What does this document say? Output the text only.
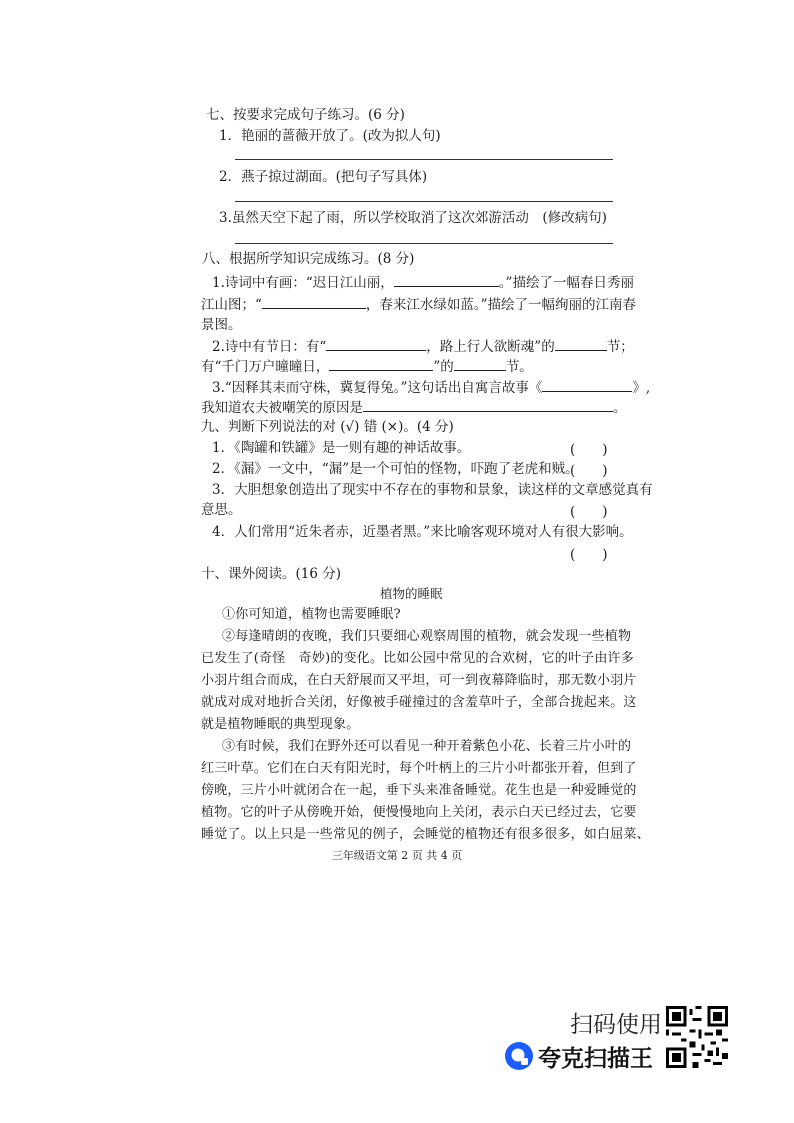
七、按要求完成句子练习。(6 分)
1．艳丽的蔷薇开放了。(改为拟人句)
2．燕子掠过湖面。(把句子写具体)
3.虽然天空下起了雨，所以学校取消了这次郊游活动　(修改病句)
八、根据所学知识完成练习。(8 分)
1.诗词中有画：“迟日江山丽，	。”描绘了一幅春日秀丽
江山图；“	，春来江水绿如蓝。”描绘了一幅绚丽的江南春
景图。
2.诗中有节日：有“	，路上行人欲断魂”的	节；
有“千门万户曈曈日，	”的	节。
3.“因释其耒而守株，冀复得兔。”这句话出自寓言故事《	》,
我知道农夫被嘲笑的原因是	。
九、判断下列说法的对 (√) 错 (×)。(4 分)
1．《陶罐和铁罐》是一则有趣的神话故事。	(　　)
2．《漏》一文中，“漏”是一个可怕的怪物，吓跑了老虎和贼。
(　　)
3．大胆想象创造出了现实中不存在的事物和景象，读这样的文章感觉真有
意思。	(　　)
4．人们常用“近朱者赤，近墨者黑。”来比喻客观环境对人有很大影响。
(　　)
十、课外阅读。(16 分)
植物的睡眠
①你可知道，植物也需要睡眠?
②每逢晴朗的夜晚，我们只要细心观察周围的植物，就会发现一些植物
已发生了(奇怪　奇妙)的变化。比如公园中常见的合欢树，它的叶子由许多
小羽片组合而成，在白天舒展而又平坦，可一到夜幕降临时，那无数小羽片
就成对成对地折合关闭，好像被手碰撞过的含羞草叶子，全部合拢起来。这
就是植物睡眠的典型现象。
③有时候，我们在野外还可以看见一种开着紫色小花、长着三片小叶的
红三叶草。它们在白天有阳光时，每个叶柄上的三片小叶都张开着，但到了
傍晚，三片小叶就闭合在一起，垂下头来准备睡觉。花生也是一种爱睡觉的
植物。它的叶子从傍晚开始，便慢慢地向上关闭，表示白天已经过去，它要
睡觉了。以上只是一些常见的例子，会睡觉的植物还有很多很多，如白屈菜、
三年级语文第 2 页 共 4 页
扫码使用
夸克扫描王
